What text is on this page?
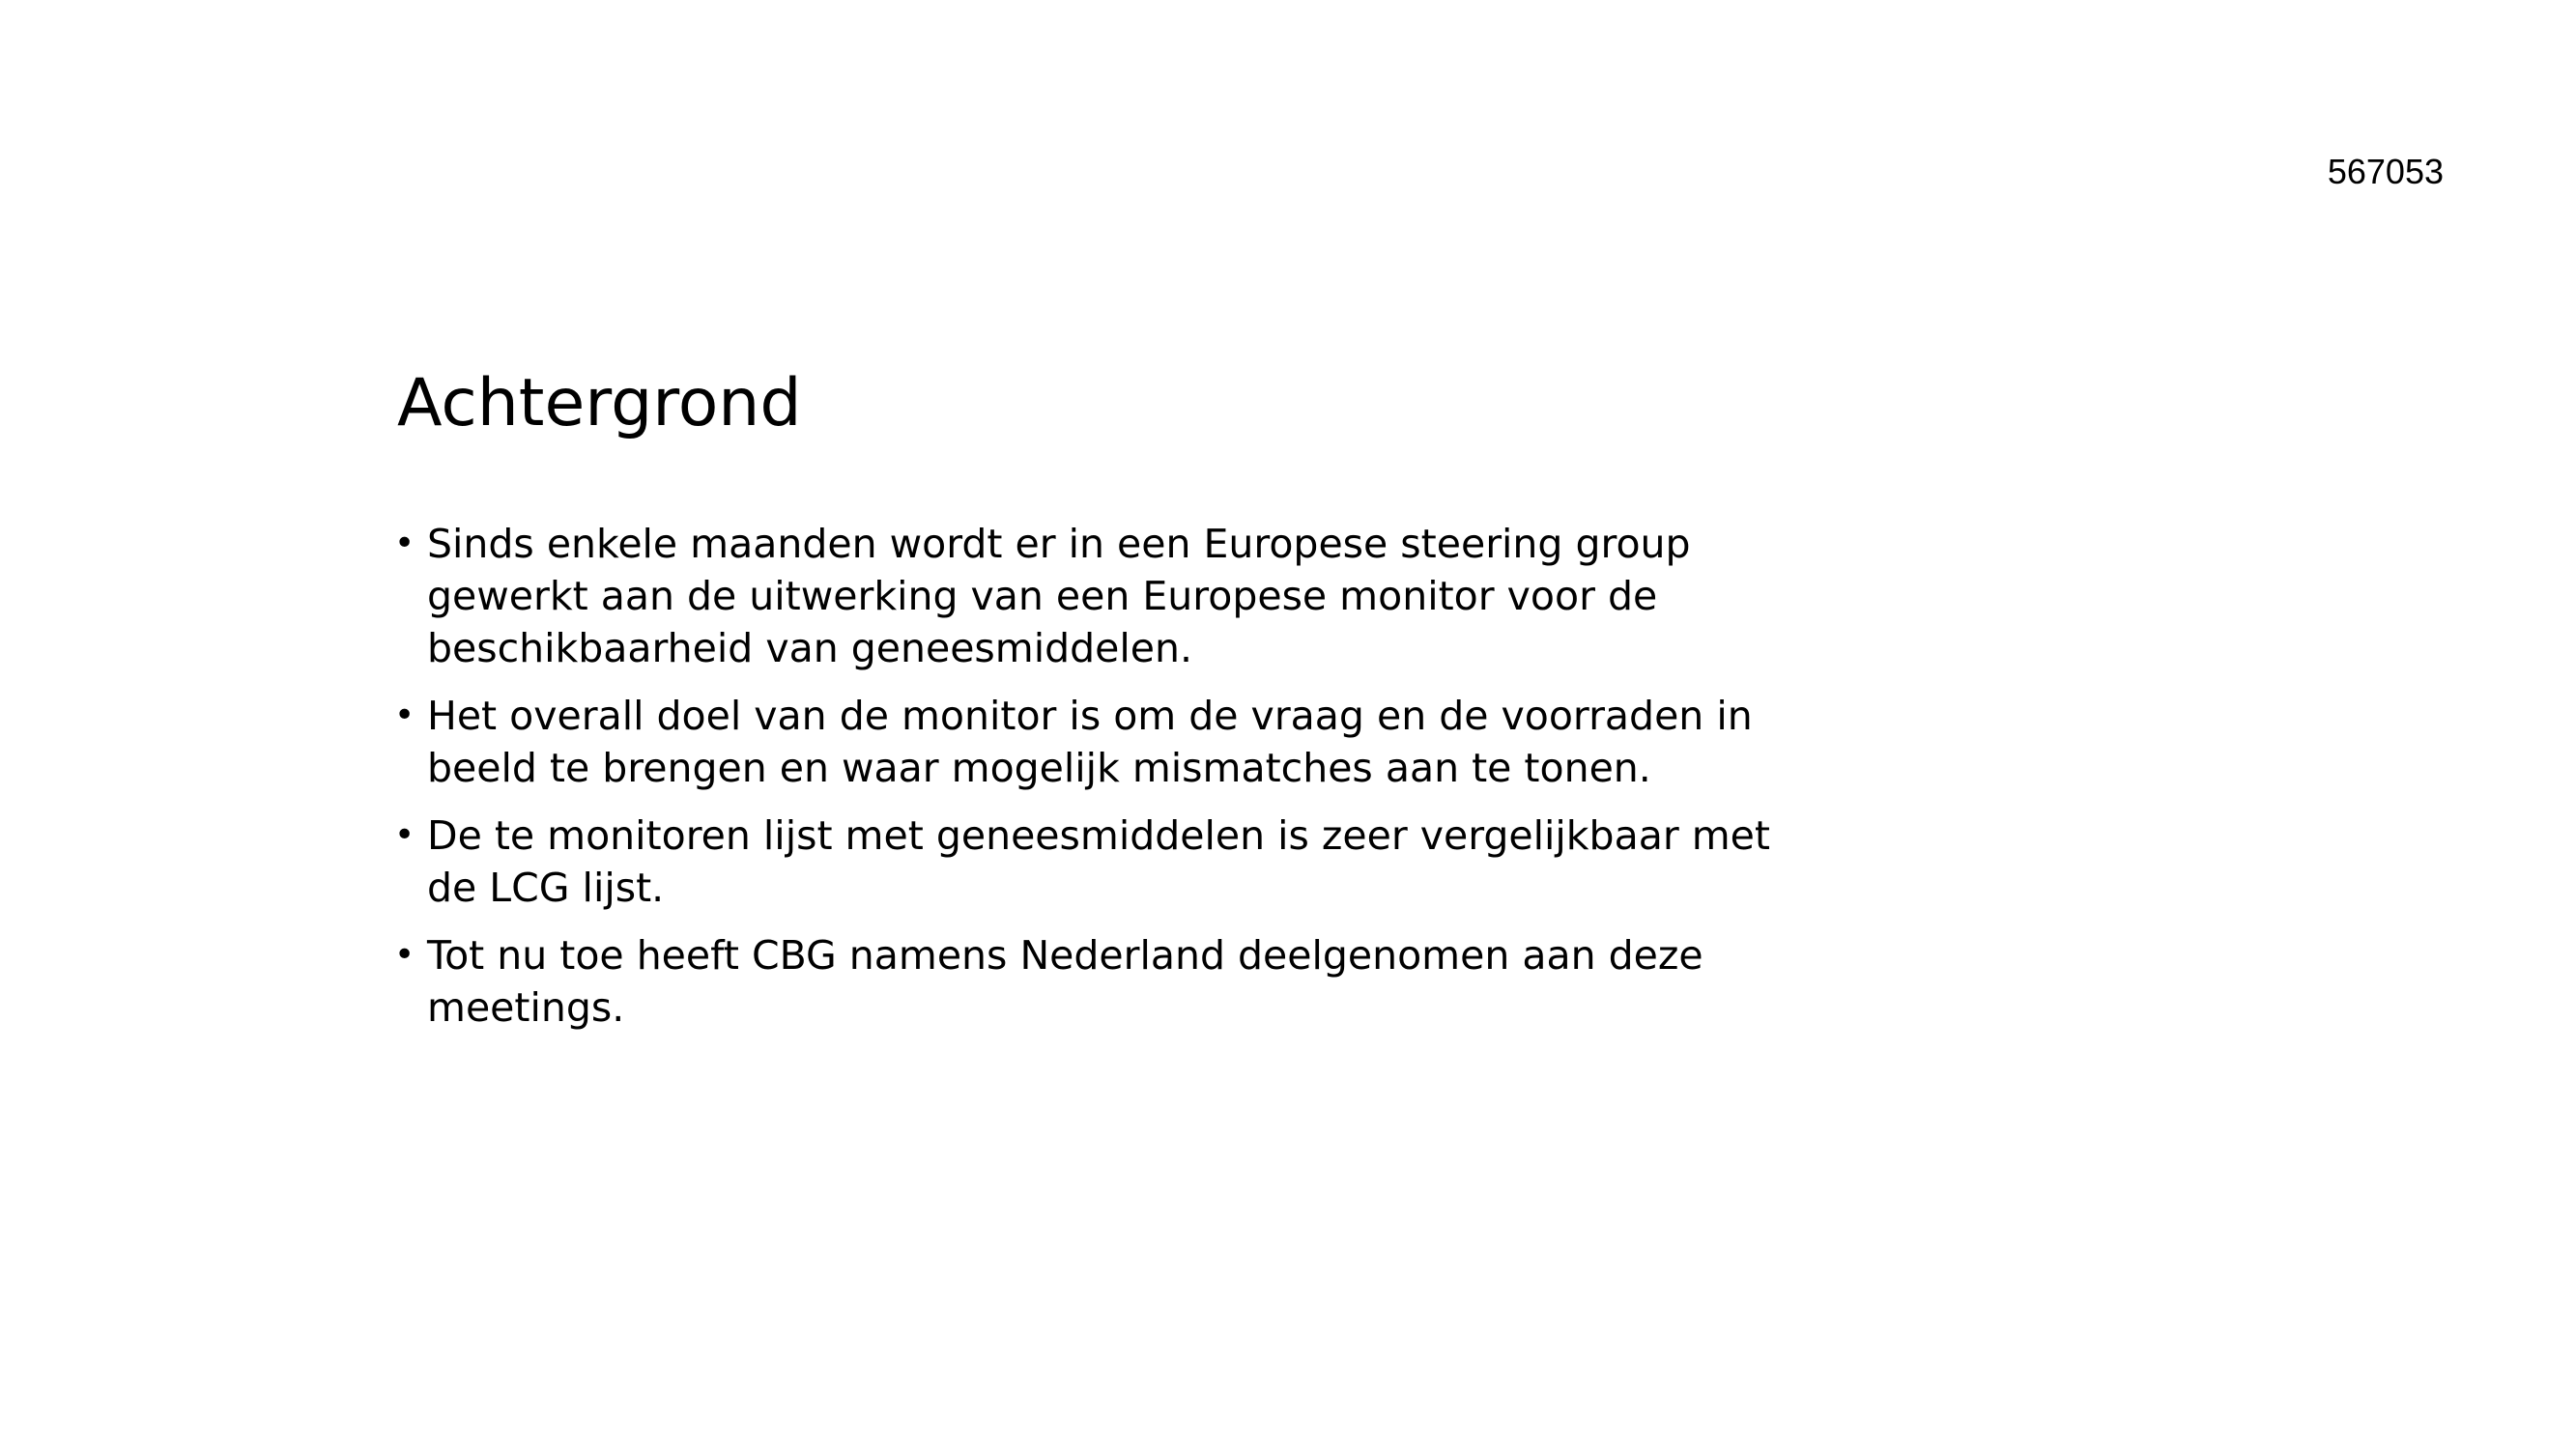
567053
Achtergrond
• Sinds enkele maanden wordt er in een Europese steering group gewerkt aan de uitwerking van een Europese monitor voor de beschikbaarheid van geneesmiddelen.
• Het overall doel van de monitor is om de vraag en de voorraden in beeld te brengen en waar mogelijk mismatches aan te tonen.
• De te monitoren lijst met geneesmiddelen is zeer vergelijkbaar met de LCG lijst.
• Tot nu toe heeft CBG namens Nederland deelgenomen aan deze meetings.
